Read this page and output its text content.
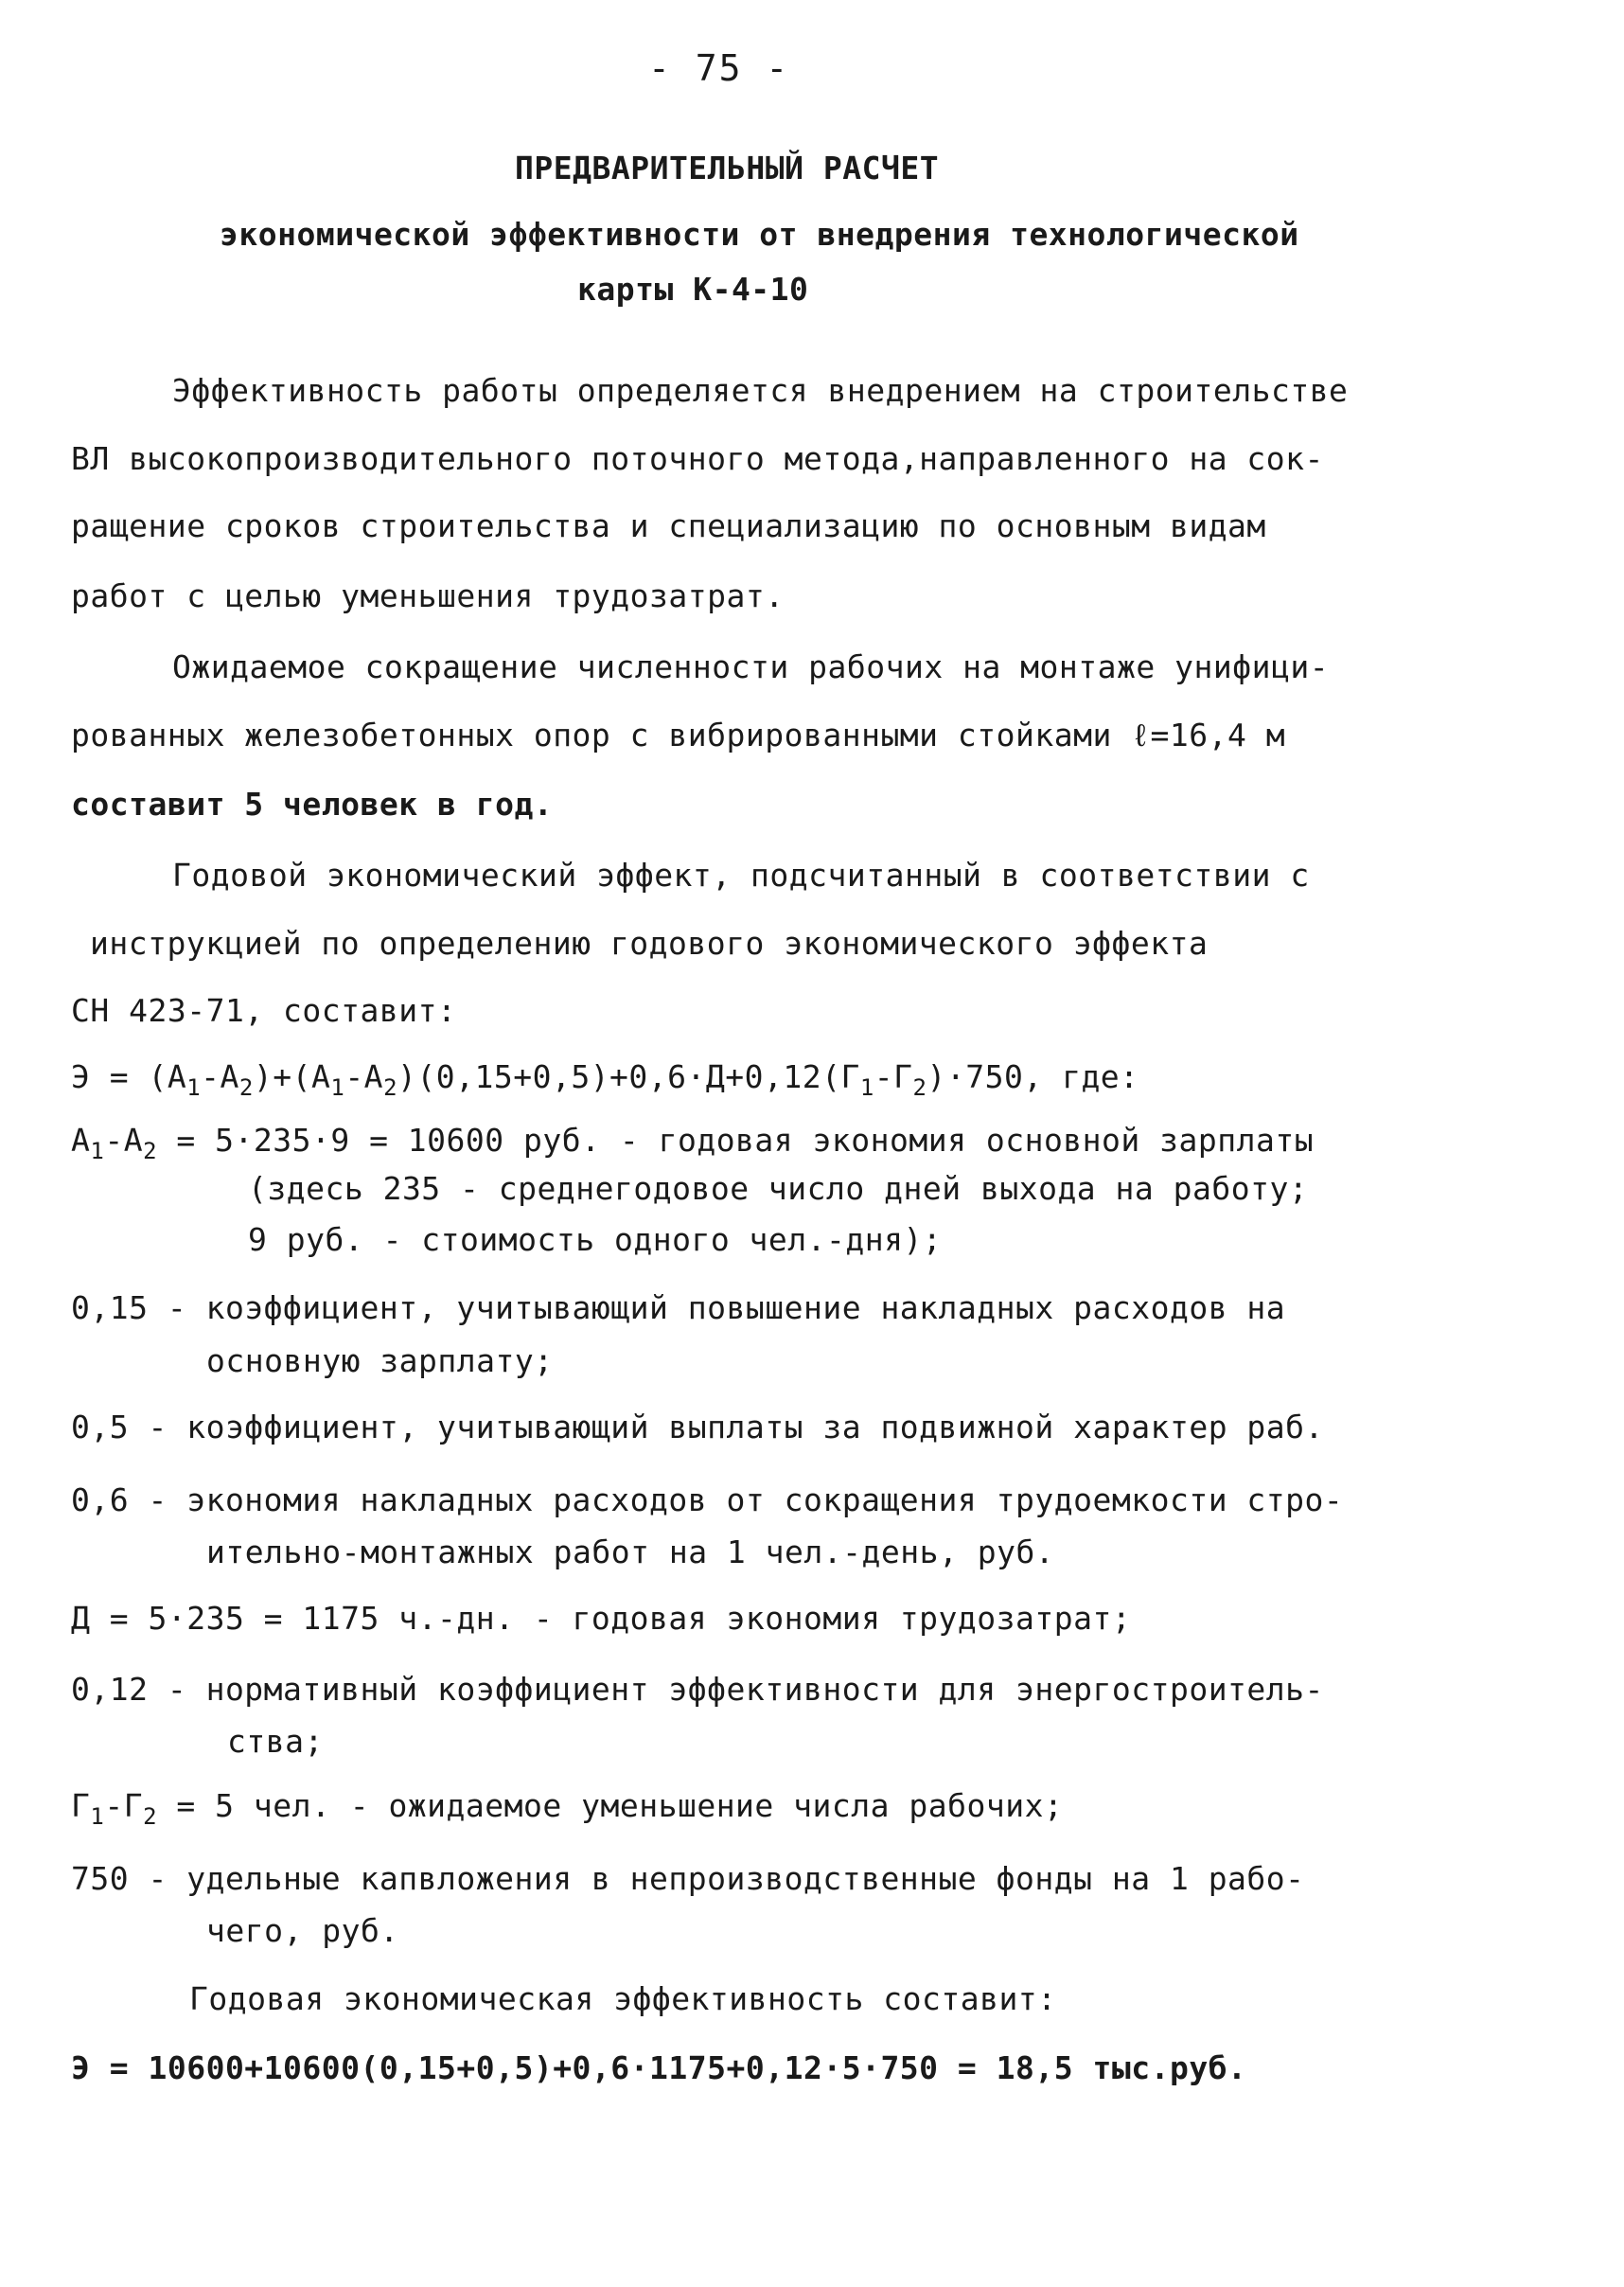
- 75 -
ПРЕДВАРИТЕЛЬНЫЙ РАСЧЕТ
экономической эффективности от внедрения технологической
карты К-4-10
Эффективность работы определяется внедрением на строительстве
ВЛ высокопроизводительного поточного метода,направленного на сок-
ращение сроков строительства и специализацию по основным видам
работ с целью уменьшения трудозатрат.
Ожидаемое сокращение численности рабочих на монтаже унифици-
рованных железобетонных опор с вибрированными стойками ℓ=16,4 м
составит 5 человек в год.
Годовой экономический эффект, подсчитанный в соответствии с
инструкцией по определению годового экономического эффекта
СН 423-71, составит:
$Э = (А_1-А_2)+(А_1-А_2)(0,15+0,5)+0,6\cdot Д+0,12(Г_1-Г_2)\cdot 750$, где:
$А_1-А_2 = 5\cdot 235\cdot 9 = 10600$ руб. - годовая экономия основной зарплаты
(здесь 235 - среднегодовое число дней выхода на работу;
9 руб. - стоимость одного чел.-дня);
0,15 - коэффициент, учитывающий повышение накладных расходов на
основную зарплату;
0,5 - коэффициент, учитывающий выплаты за подвижной характер раб.
0,6 - экономия накладных расходов от сокращения трудоемкости стро-
ительно-монтажных работ на 1 чел.-день, руб.
Д = 5·235 = 1175 ч.-дн. - годовая экономия трудозатрат;
0,12 - нормативный коэффициент эффективности для энергостроитель-
ства;
$Г_1-Г_2 = 5$ чел. - ожидаемое уменьшение числа рабочих;
750 - удельные капвложения в непроизводственные фонды на 1 рабо-
чего, руб.
Годовая экономическая эффективность составит:
Э = 10600+10600(0,15+0,5)+0,6·1175+0,12·5·750 = 18,5 тыс.руб.
